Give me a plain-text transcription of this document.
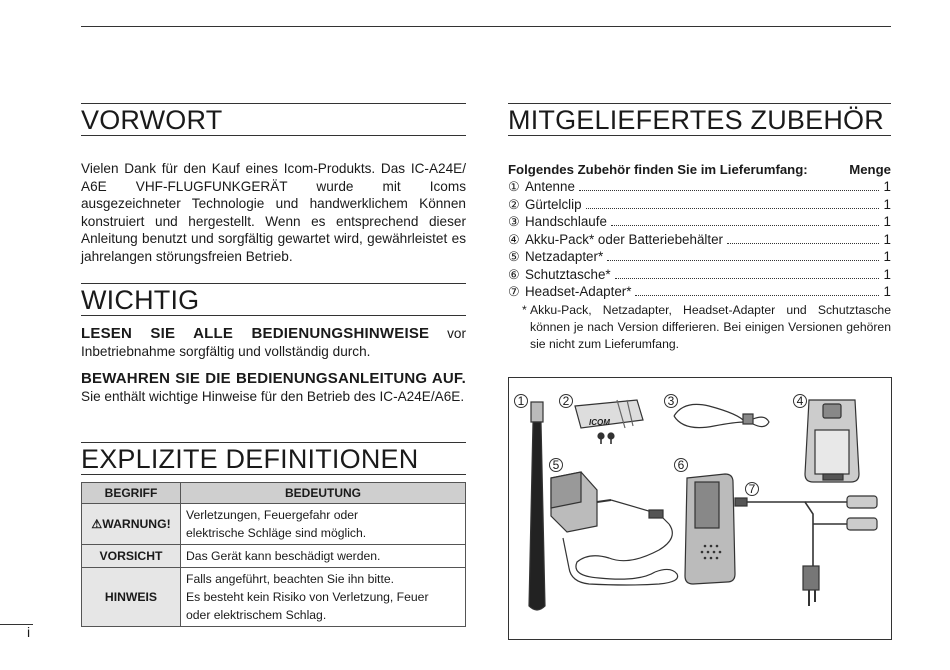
VORWORT
Vielen Dank für den Kauf eines Icom-Produkts. Das IC-A24E/ A6E VHF-FLUGFUNKGERÄT wurde mit Icoms ausgezeichneter Technologie und handwerklichem Können konstruiert und hergestellt. Wenn es entsprechend dieser Anleitung benutzt und sorgfältig gewartet wird, gewährleistet es jahrelangen störungsfreien Betrieb.
WICHTIG
LESEN SIE ALLE BEDIENUNGSHINWEISE vor Inbetriebnahme sorgfältig und vollständig durch.
BEWAHREN SIE DIE BEDIENUNGSANLEITUNG AUF. Sie enthält wichtige Hinweise für den Betrieb des IC-A24E/A6E.
EXPLIZITE DEFINITIONEN
BEGRIFF	BEDEUTUNG
⚠WARNUNG!	Verletzungen, Feuergefahr oder
elektrische Schläge sind möglich.

VORSICHT	Das Gerät kann beschädigt werden.

HINWEIS	Falls angeführt, beachten Sie ihn bitte.
Es besteht kein Risiko von Verletzung, Feuer
oder elektrischem Schlag.
MITGELIEFERTES ZUBEHÖR
Folgendes Zubehör finden Sie im Lieferumfang:	Menge
① Antenne	1
② Gürtelclip	1
③ Handschlaufe	1
④ Akku-Pack* oder Batteriebehälter	1
⑤ Netzadapter*	1
⑥ Schutztasche*	1
⑦ Headset-Adapter*	1
* Akku-Pack, Netzadapter, Headset-Adapter und Schutztasche können je nach Version differieren. Bei einigen Versionen gehören sie nicht zum Lieferumfang.
ICOM
1	2	3	4
5	6
7
i
